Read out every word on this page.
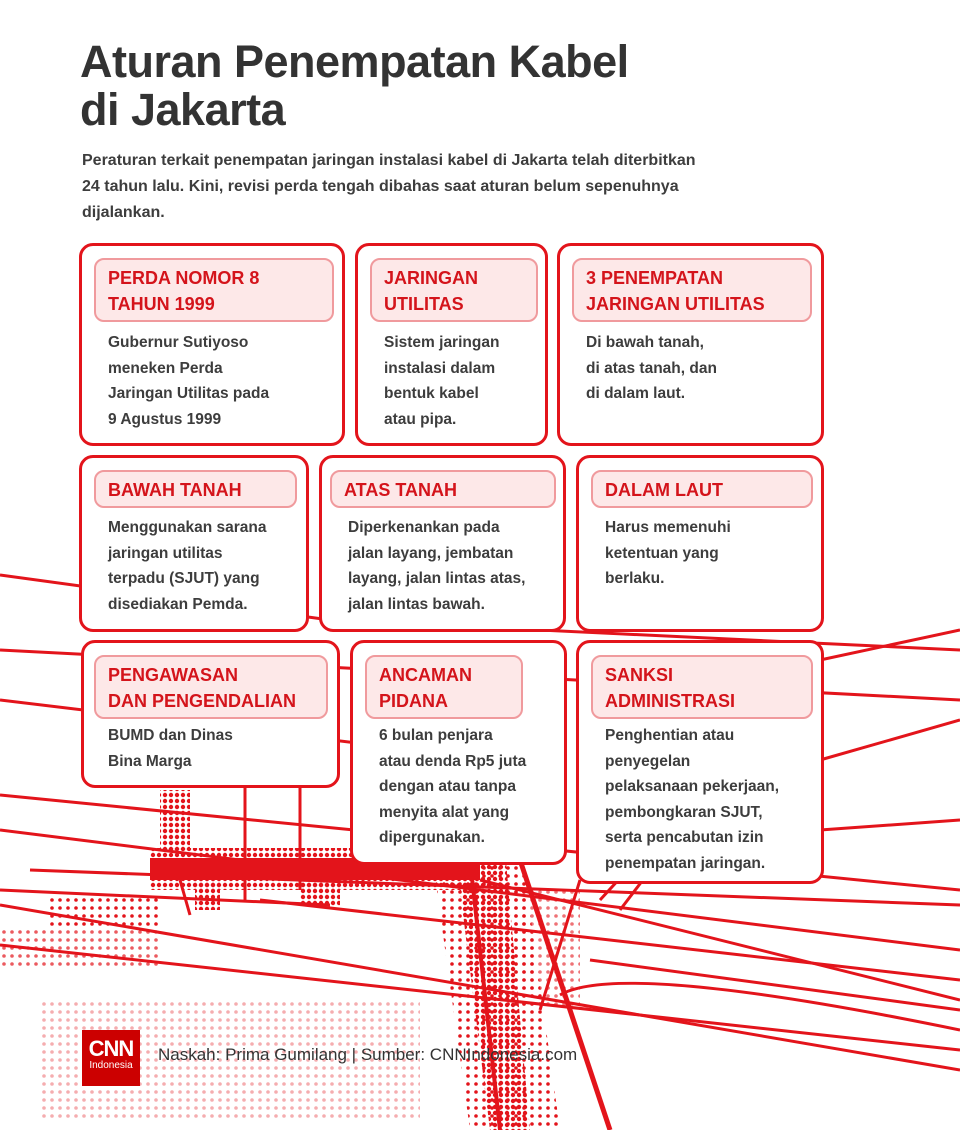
Aturan Penempatan Kabel
di Jakarta
Peraturan terkait penempatan jaringan instalasi kabel di Jakarta telah diterbitkan 24 tahun lalu. Kini, revisi perda tengah dibahas saat aturan belum sepenuhnya dijalankan.
PERDA NOMOR 8
TAHUN 1999
Gubernur Sutiyoso
meneken Perda
Jaringan Utilitas pada
9 Agustus 1999
JARINGAN
UTILITAS
Sistem jaringan
instalasi dalam
bentuk kabel
atau pipa.
3 PENEMPATAN
JARINGAN UTILITAS
Di bawah tanah,
di atas tanah, dan
di dalam laut.
BAWAH TANAH
Menggunakan sarana
jaringan utilitas
terpadu (SJUT) yang
disediakan Pemda.
ATAS TANAH
Diperkenankan pada
jalan layang, jembatan
layang, jalan lintas atas,
jalan lintas bawah.
DALAM LAUT
Harus memenuhi
ketentuan yang
berlaku.
PENGAWASAN
DAN PENGENDALIAN
BUMD dan Dinas
Bina Marga
ANCAMAN
PIDANA
6 bulan penjara
atau denda Rp5 juta
dengan atau tanpa
menyita alat yang
dipergunakan.
SANKSI
ADMINISTRASI
Penghentian atau
penyegelan
pelaksanaan pekerjaan,
pembongkaran SJUT,
serta pencabutan izin
penempatan jaringan.
CNN
Indonesia
Naskah: Prima Gumilang | Sumber: CNNIndonesia.com
